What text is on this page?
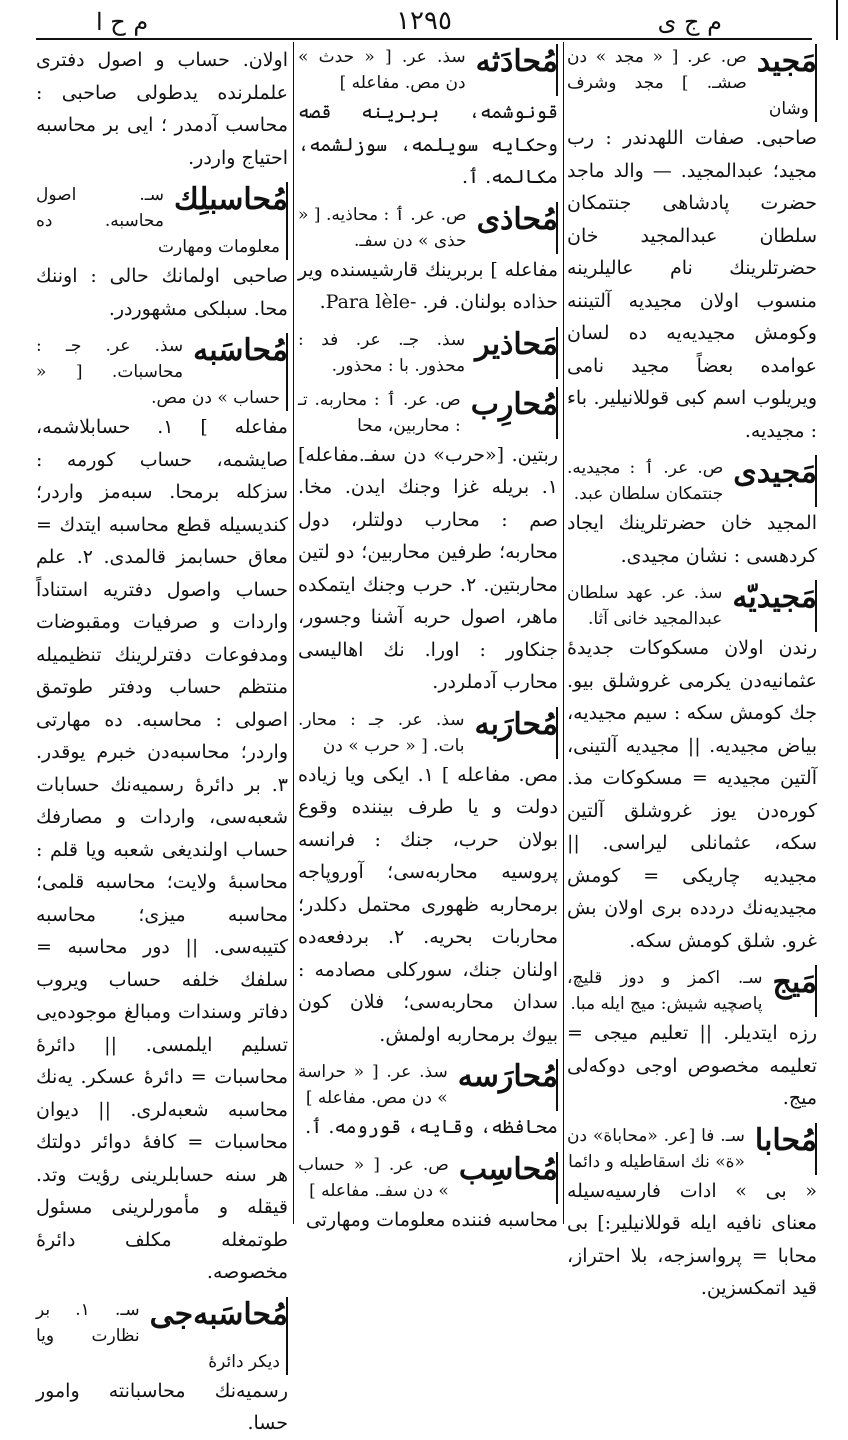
م ج ی
١٢٩٥
م ح ا
مَجید
ص. عر. [ « مجد » دن صشـ. ] مجد وشرف وشان
صاحبی. صفات اللهدندر : رب مجید؛ عبدالمجید. — والد ماجد حضرت پادشاهی جنتمکان سلطان عبدالمجید خان حضرتلرینك نام عالیلرینه منسوب اولان مجیدیه آلتیننه وکومش مجیدیه‌یه ده لسان عوامده بعضاً مجید نامی ویریلوب اسم کبی قوللانیلیر. باء : مجیدیه.
مَجیدی
ص. عر. ٲ : مجیدیه. جنتمکان سلطان عبد.
المجید خان حضرتلرینك ایجاد کردهسی : نشان مجیدی.
مَجیدیّه
سذ. عر. عهد سلطان عبدالمجید خانی آثا.
رندن اولان مسکوکات جدیدۀ عثمانیه‌دن یکرمی غروشلق بیو. جك کومش سکه : سیم مجیدیه، بیاض مجیدیه. || مجیدیه آلتینی، آلتین مجیدیه = مسکوکات مذ. کوره‌دن یوز غروشلق آلتین سکه، عثمانلی لیراسی. || مجیدیه چاریکی = کومش مجیدیه‌نك دردده بری اولان بش غرو. شلق کومش سکه.
مَیج
سـ. اکمز و دوز قلیچ، پاصچیه شیش: میج ایله مبا.
رزه ایتدیلر. || تعلیم میجی = تعلیمه مخصوص اوجی دوکه‌لی میج.
مُحابا
سـ. فا [عر. «محاباة» دن «ة» نك اسقاطیله و دائما
« بی » ادات فارسیه‌سیله معنای نافیه ایله قوللانیلیر:] بی محابا = پرواسزجه، بلا احتراز، قید اتمکسزین.
مُحادَثه
سذ. عر. [ « حدث » دن مص. مفاعله ]
قونوشمه، بربرینه قصه وحکایه سویلمه، سوزلشمه، مکالمه. ٲ.
مُحاذی
ص. عر. ٲ : محاذیه. [ « حذی » دن سفـ.
مفاعله ] بربرینك قارشیسنده ویر حذاده بولنان. فر. -Para lèle.
مَحاذیر
سذ. جـ. عر. فد : محذور. با : محذور.
مُحارِب
ص. عر. ٲ : محاربه. تـ : محاربین، محا
ربتین. [«حرب» دن سفـ.مفاعله] ١. بریله غزا وجنك ایدن. مخا. صم : محارب دولتلر، دول محاربه؛ طرفین محاربین؛ دو لتین محاربتین. ٢. حرب وجنك ایتمکده ماهر، اصول حربه آشنا وجسور، جنکاور : اورا. نك اهالیسی محارب آدملردر.
مُحارَبه
سذ. عر. جـ : محار. بات. [ « حرب » دن
مص. مفاعله ] ١. ایکی ویا زیاده دولت و یا طرف بیننده وقوع بولان حرب، جنك : فرانسه پروسیه محاربه‌سی؛ آوروپاجه برمحاربه ظهوری محتمل دکلدر؛ محاربات بحریه. ٢. بردفعه‌ده اولنان جنك، سورکلی مصادمه : سدان محاربه‌سی؛ فلان کون بیوك برمحاربه اولمش.
مُحارَسه
سذ. عر. [ « حراسة » دن مص. مفاعله ]
محافظه، وقایه، قورومه. ٲ.
مُحاسِب
ص. عر. [ « حساب » دن سفـ. مفاعله ]
محاسبه فننده معلومات ومهارتی
اولان. حساب و اصول دفتری علملرنده یدطولی صاحبی : محاسب آدمدر ؛ ایی بر محاسبه احتیاج واردر.
مُحاسبلِك
سـ. اصول محاسبه. ده معلومات ومهارت
صاحبی اولمانك حالی : اوننك محا. سبلکی مشهوردر.
مُحاسَبه
سذ. عر. جـ : محاسبات. [ « حساب » دن مص.
مفاعله ] ١. حسابلاشمه، صایشمه، حساب کورمه : سزکله برمحا. سبه‌مز واردر؛ کندیسیله قطع محاسبه ایتدك = معاق حسابمز قالمدی. ٢. علم حساب واصول دفتریه استناداً واردات و صرفیات ومقبوضات ومدفوعات دفترلرینك تنظیمیله منتظم حساب ودفتر طوتمق اصولی : محاسبه. ده مهارتی واردر؛ محاسبه‌دن خبرم یوقدر. ٣. بر دائرۀ رسمیه‌نك حسابات شعبه‌سی، واردات و مصارفك حساب اولندیغی شعبه ویا قلم : محاسبۀ ولایت؛ محاسبه قلمی؛ محاسبه میزی؛ محاسبه کتیبه‌سی. || دور محاسبه = سلفك خلفه حساب ویروب دفاتر وسندات ومبالغ موجوده‌یی تسلیم ایلمسی. || دائرۀ محاسبات = دائرۀ عسکر. یه‌نك محاسبه شعبه‌لری. || دیوان محاسبات = کافۀ دوائر دولتك هر سنه حسابلرینی رؤیت وتد. قیقله و مأمورلرینی مسئول طوتمغله مکلف دائرۀ مخصوصه.
مُحاسَبه‌جی
سـ. ١. بر نظارت ویا دیکر دائرۀ
رسمیه‌نك محاسبانته وامور حسا.
